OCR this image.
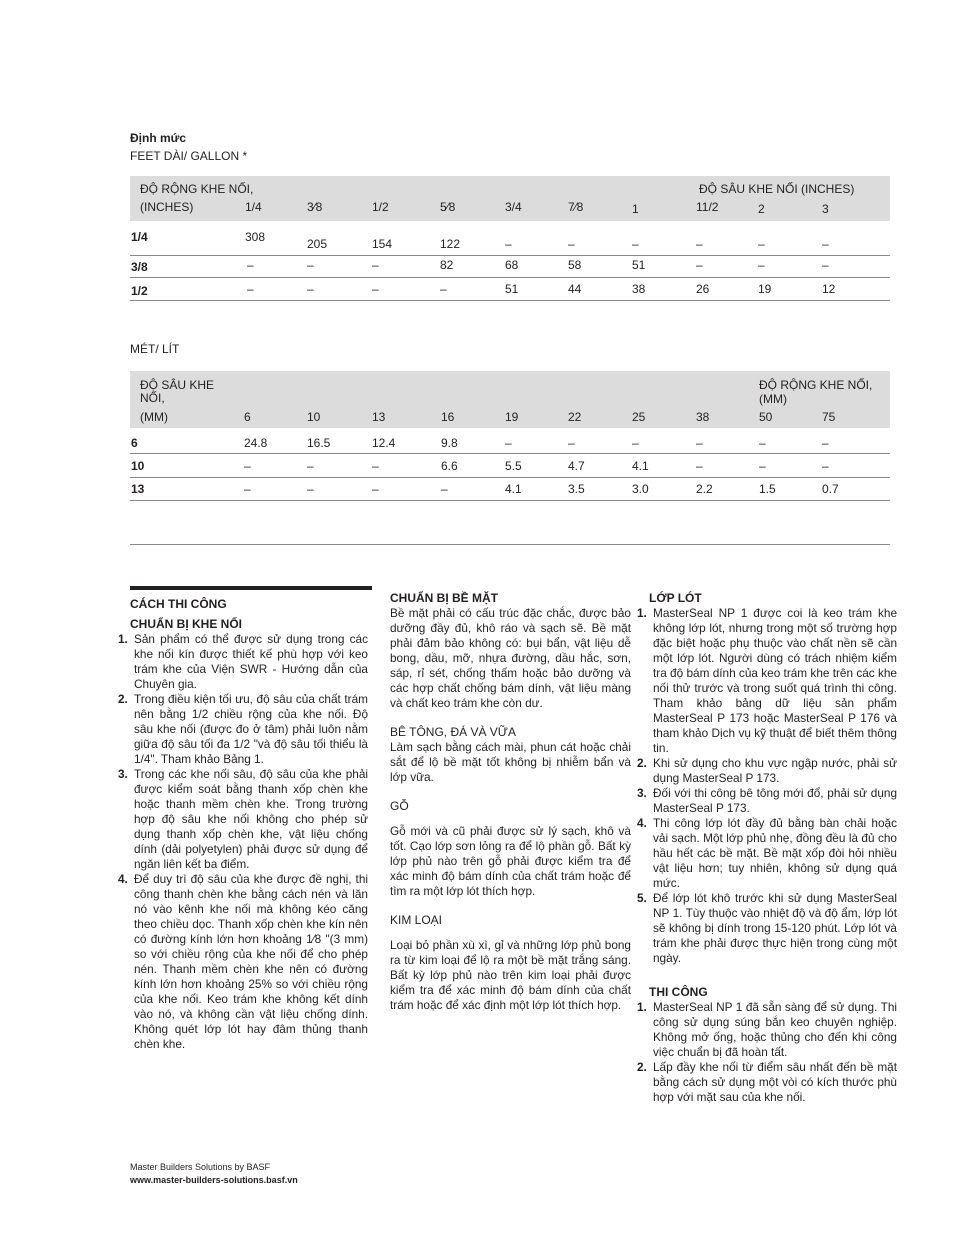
Định mức
FEET DÀI/ GALLON *
ĐỘ RỘNG KHE NỐI,
(INCHES)
ĐỘ SÂU KHE NỐI (INCHES)
1/4	3⁄8	1/2	5⁄8	3/4	7⁄8	1	11/2	2	3
1/4	308	205	154	122	–	–	–	–	–	–
3/8	–	–	–	82	68	58	51	–	–	–
1/2	–	–	–	–	51	44	38	26	19	12
MÉT/ LÍT
ĐỘ SÂU KHE
NỐI,
(MM)
ĐỘ RỘNG KHE NỐI,
(MM)
6	10	13	16	19	22	25	38	50	75
6	24.8	16.5	12.4	9.8	–	–	–	–	–	–
10	–	–	–	6.6	5.5	4.7	4.1	–	–	–
13	–	–	–	–	4.1	3.5	3.0	2.2	1.5	0.7
CÁCH THI CÔNG
CHUẨN BỊ KHE NỐI
1. Sản phẩm có thể được sử dụng trong các khe nối kín được thiết kế phù hợp với keo trám khe của Viện SWR - Hướng dẫn của Chuyên gia.
2. Trong điều kiện tối ưu, độ sâu của chất trám nên bằng 1/2 chiều rộng của khe nối. Độ sâu khe nối (được đo ở tâm) phải luôn nằm giữa độ sâu tối đa 1/2 "và độ sâu tối thiểu là 1/4". Tham khảo Bảng 1.
3. Trong các khe nối sâu, độ sâu của khe phải được kiểm soát bằng thanh xốp chèn khe hoặc thanh mềm chèn khe. Trong trường hợp độ sâu khe nối không cho phép sử dụng thanh xốp chèn khe, vật liệu chống dính (dải polyetylen) phải được sử dụng để ngăn liên kết ba điểm.
4. Để duy trì độ sâu của khe được đề nghị, thi công thanh chèn khe bằng cách nén và lăn nó vào kênh khe nối mà không kéo căng theo chiều dọc. Thanh xốp chèn khe kín nên có đường kính lớn hơn khoảng 1⁄8 "(3 mm) so với chiều rộng của khe nối để cho phép nén. Thanh mềm chèn khe nên có đường kính lớn hơn khoảng 25% so với chiều rộng của khe nối. Keo trám khe không kết dính vào nó, và không cần vật liệu chống dính. Không quét lớp lót hay đâm thủng thanh chèn khe.
CHUẨN BỊ BỀ MẶT

Bề mặt phải có cấu trúc đặc chắc, được bảo dưỡng đầy đủ, khô ráo và sạch sẽ. Bề mặt phải đảm bảo không có: bụi bẩn, vật liệu dễ bong, dầu, mỡ, nhựa đường, dầu hắc, sơn, sáp, rỉ sét, chống thấm hoặc bảo dưỡng và các hợp chất chống bám dính, vật liệu màng và chất keo trám khe còn dư.

BÊ TÔNG, ĐÁ VÀ VỮA

Làm sạch bằng cách mài, phun cát hoặc chải sắt để lộ bề mặt tốt không bị nhiễm bẩn và lớp vữa.

GỖ

Gỗ mới và cũ phải được sử lý sạch, khô và tốt. Cạo lớp sơn lỏng ra để lộ phần gỗ. Bất kỳ lớp phủ nào trên gỗ phải được kiểm tra để xác minh độ bám dính của chất trám hoặc để tìm ra một lớp lót thích hợp.

KIM LOẠI

Loại bỏ phần xù xì, gỉ và những lớp phủ bong ra từ kim loại để lộ ra một bề mặt trắng sáng. Bất kỳ lớp phủ nào trên kim loại phải được kiểm tra để xác minh độ bám dính của chất trám hoặc để xác định một lớp lót thích hợp.

LỚP LÓT
1. MasterSeal NP 1 được coi là keo trám khe không lớp lót, nhưng trong một số trường hợp đặc biệt hoặc phụ thuộc vào chất nền sẽ cần một lớp lót. Người dùng có trách nhiệm kiểm tra độ bám dính của keo trám khe trên các khe nối thử trước và trong suốt quá trình thi công. Tham khảo bảng dữ liệu sản phẩm MasterSeal P 173 hoặc MasterSeal P 176 và tham khảo Dịch vụ kỹ thuật để biết thêm thông tin.
2. Khi sử dụng cho khu vực ngập nước, phải sử dụng MasterSeal P 173.
3. Đối với thi công bê tông mới đổ, phải sử dụng MasterSeal P 173.
4. Thi công lớp lót đầy đủ bằng bàn chải hoặc vải sạch. Một lớp phủ nhẹ, đồng đều là đủ cho hầu hết các bề mặt. Bề mặt xốp đòi hỏi nhiều vật liệu hơn; tuy nhiên, không sử dụng quá mức.
5. Để lớp lót khô trước khi sử dụng MasterSeal NP 1. Tùy thuộc vào nhiệt độ và độ ẩm, lớp lót sẽ không bị dính trong 15-120 phút. Lớp lót và trám khe phải được thực hiện trong cùng một ngày.
THI CÔNG
1. MasterSeal NP 1 đã sẵn sàng để sử dụng. Thi công sử dụng súng bắn keo chuyên nghiệp. Không mở ống, hoặc thủng cho đến khi công việc chuẩn bị đã hoàn tất.
2. Lấp đầy khe nối từ điểm sâu nhất đến bề mặt bằng cách sử dụng một vòi có kích thước phù hợp với mặt sau của khe nối.
Master Builders Solutions by BASF
www.master-builders-solutions.basf.vn
